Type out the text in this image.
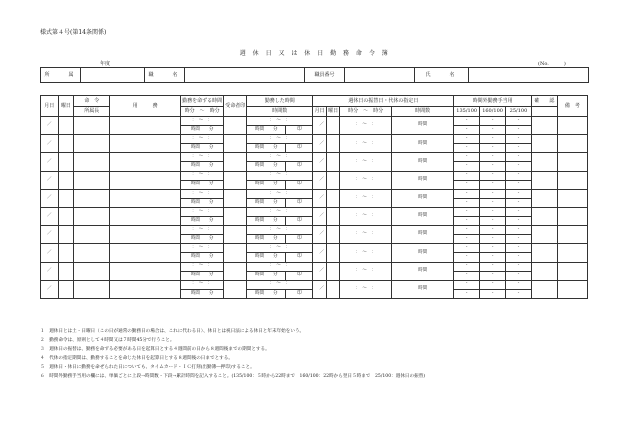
様式第４号(第14条関係)
週 休 日 又 は 休 日 勤 務 命 令 簿
年度	(No.　　　)
所　　属		職　　名		職員番号		氏　　名	
月日	曜日	命　令	用　　　務	勤務を命ずる時間	受命者印	勤務した時間		週休日の振替日・代休の指定日				時間外勤務手当用			確　　認	備　考
		所属長		時分　～　時分		時間数		月日	曜日	時分　～　時分	時間数	135/100	160/100	25/100		
／				：　～　：		：　～　：		／		：　～　：	時間	-	-	-		
				時間　　分		時間　　分	印					-	-	-		
／				：　～　：		：　～　：		／		：　～　：	時間	-	-	-		
				時間　　分		時間　　分	印					-	-	-		
／				：　～　：		：　～　：		／		：　～　：	時間	-	-	-		
				時間　　分		時間　　分	印					-	-	-		
／				：　～　：		：　～　：		／		：　～　：	時間	-	-	-		
				時間　　分		時間　　分	印					-	-	-		
／				：　～　：		：　～　：		／		：　～　：	時間	-	-	-		
				時間　　分		時間　　分	印					-	-	-		
／				：　～　：		：　～　：		／		：　～　：	時間	-	-	-		
				時間　　分		時間　　分	印					-	-	-		
／				：　～　：		：　～　：		／		：　～　：	時間	-	-	-		
				時間　　分		時間　　分	印					-	-	-		
／				：　～　：		：　～　：		／		：　～　：	時間	-	-	-		
				時間　　分		時間　　分	印					-	-	-		
／				：　～　：		：　～　：		／		：　～　：	時間	-	-	-		
				時間　　分		時間　　分	印					-	-	-		
／				：　～　：		：　～　：		／		：　～　：	時間	-	-	-		
				時間　　分		時間　　分	印					-	-	-		
１　週休日とは土・日曜日（この日が通常の勤務日の場合は、これに代わる日）、休日とは祝日法による休日と年末年始をいう。
２　勤務命令は、原則として４時間又は７時間45分で行うこと。
３　週休日の振替は、勤務を命ずる必要がある日を起算日とする４週間前の日から８週間後までの期間とする。
４　代休の指定期間は、勤務することを命じた休日を起算日とする８週間後の日までとする。
５　週休日・休日に勤務を命ぜられた日についても、タイムカード・ＩＣ打刻(出勤簿―押印)すること。
６　時間外勤務手当用の欄には、単価ごとに上段→時間数・下段→累計時間を記入すること。(135/100：５時から22時まで　160/100：22時から翌日５時まで　25/100：週休日の振替)
